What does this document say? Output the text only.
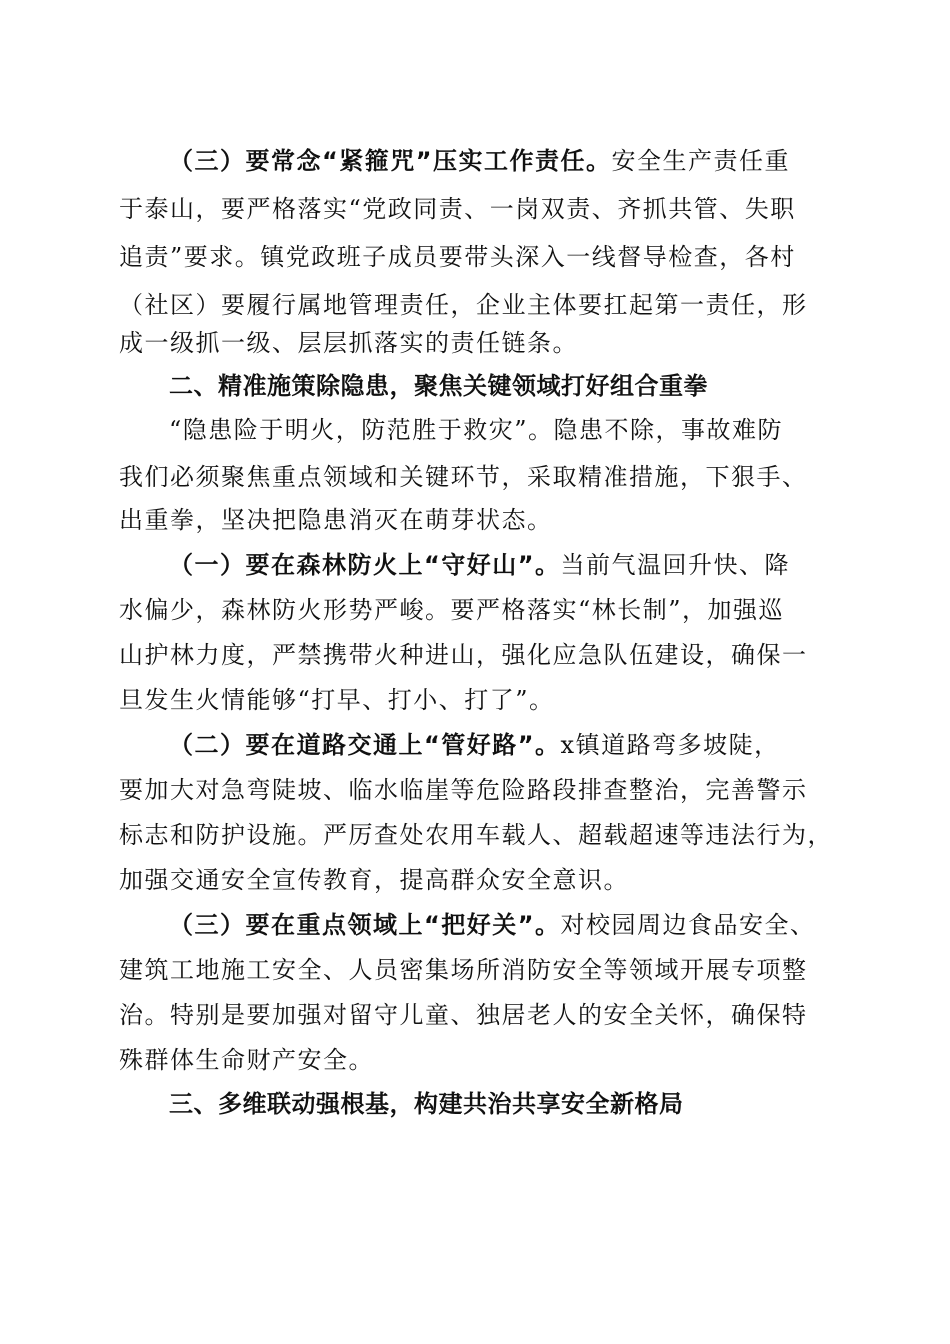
（三）要常念“紧箍咒”压实工作责任。安全生产责任重
于泰山，要严格落实“党政同责、一岗双责、齐抓共管、失职
追责”要求。镇党政班子成员要带头深入一线督导检查，各村
（社区）要履行属地管理责任，企业主体要扛起第一责任，形
成一级抓一级、层层抓落实的责任链条。
二、精准施策除隐患，聚焦关键领域打好组合重拳
“隐患险于明火，防范胜于救灾”。隐患不除，事故难防
我们必须聚焦重点领域和关键环节，采取精准措施，下狠手、
出重拳，坚决把隐患消灭在萌芽状态。
（一）要在森林防火上“守好山”。当前气温回升快、降
水偏少，森林防火形势严峻。要严格落实“林长制”，加强巡
山护林力度，严禁携带火种进山，强化应急队伍建设，确保一
旦发生火情能够“打早、打小、打了”。
（二）要在道路交通上“管好路”。x镇道路弯多坡陡，
要加大对急弯陡坡、临水临崖等危险路段排查整治，完善警示
标志和防护设施。严厉查处农用车载人、超载超速等违法行为，
加强交通安全宣传教育，提高群众安全意识。
（三）要在重点领域上“把好关”。对校园周边食品安全、
建筑工地施工安全、人员密集场所消防安全等领域开展专项整
治。特别是要加强对留守儿童、独居老人的安全关怀，确保特
殊群体生命财产安全。
三、多维联动强根基，构建共治共享安全新格局
